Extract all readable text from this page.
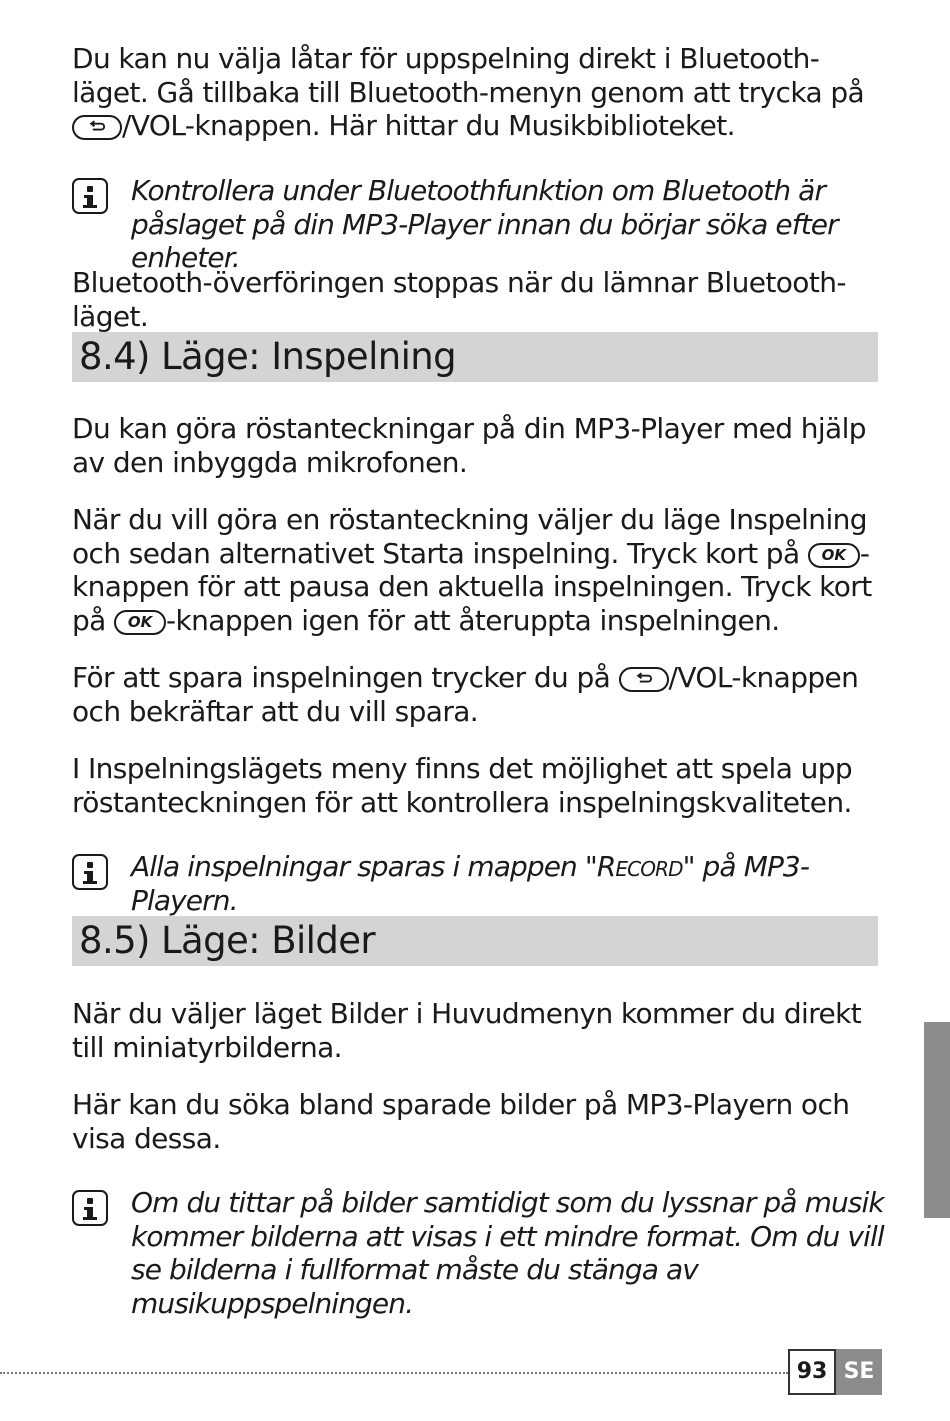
Du kan nu välja låtar för uppspelning direkt i Bluetooth-läget. Gå tillbaka till Bluetooth-menyn genom att trycka på
/VOL-knappen. Här hittar du Musikbiblioteket.

Kontrollera under Bluetoothfunktion om Bluetooth är påslaget på din MP3-Player innan du börjar söka efter enheter.

Bluetooth-överföringen stoppas när du lämnar Bluetooth-läget.

8.4) Läge: Inspelning

Du kan göra röstanteckningar på din MP3-Player med hjälp av den inbyggda mikrofonen.

När du vill göra en röstanteckning väljer du läge Inspelning och sedan alternativet Starta inspelning. Tryck kort på OK -knappen för att pausa den aktuella inspelningen. Tryck kort på OK -knappen igen för att återuppta inspelningen.

För att spara inspelningen trycker du på
/VOL-knappen och bekräftar att du vill spara.

I Inspelningslägets meny finns det möjlighet att spela upp röstanteckningen för att kontrollera inspelningskvaliteten.

Alla inspelningar sparas i mappen "Record" på MP3-Playern.
8.5) Läge: Bilder

När du väljer läget Bilder i Huvudmenyn kommer du direkt till miniatyrbilderna.

Här kan du söka bland sparade bilder på MP3-Playern och visa dessa.

Om du tittar på bilder samtidigt som du lyssnar på musik kommer bilderna att visas i ett mindre format. Om du vill se bilderna i fullformat måste du stänga av musikuppspelningen.
93 SE
